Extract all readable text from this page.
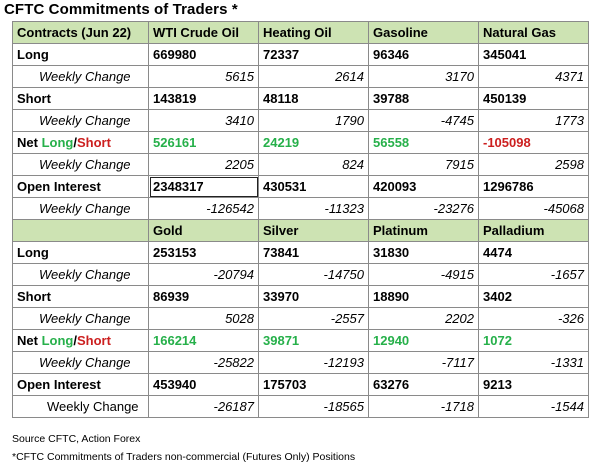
CFTC Commitments of Traders *
Contracts (Jun 22)	WTI Crude Oil	Heating Oil	Gasoline	Natural Gas
Long	669980	72337	96346	345041
Weekly Change	5615	2614	3170	4371
Short	143819	48118	39788	450139
Weekly Change	3410	1790	-4745	1773
Net Long/Short	526161	24219	56558	-105098
Weekly Change	2205	824	7915	2598
Open Interest	2348317	430531	420093	1296786
Weekly Change	-126542	-11323	-23276	-45068
	Gold	Silver	Platinum	Palladium
Long	253153	73841	31830	4474
Weekly Change	-20794	-14750	-4915	-1657
Short	86939	33970	18890	3402
Weekly Change	5028	-2557	2202	-326
Net Long/Short	166214	39871	12940	1072
Weekly Change	-25822	-12193	-7117	-1331
Open Interest	453940	175703	63276	9213
Weekly Change	-26187	-18565	-1718	-1544
Source CFTC, Action Forex
*CFTC Commitments of Traders non-commercial (Futures Only) Positions
